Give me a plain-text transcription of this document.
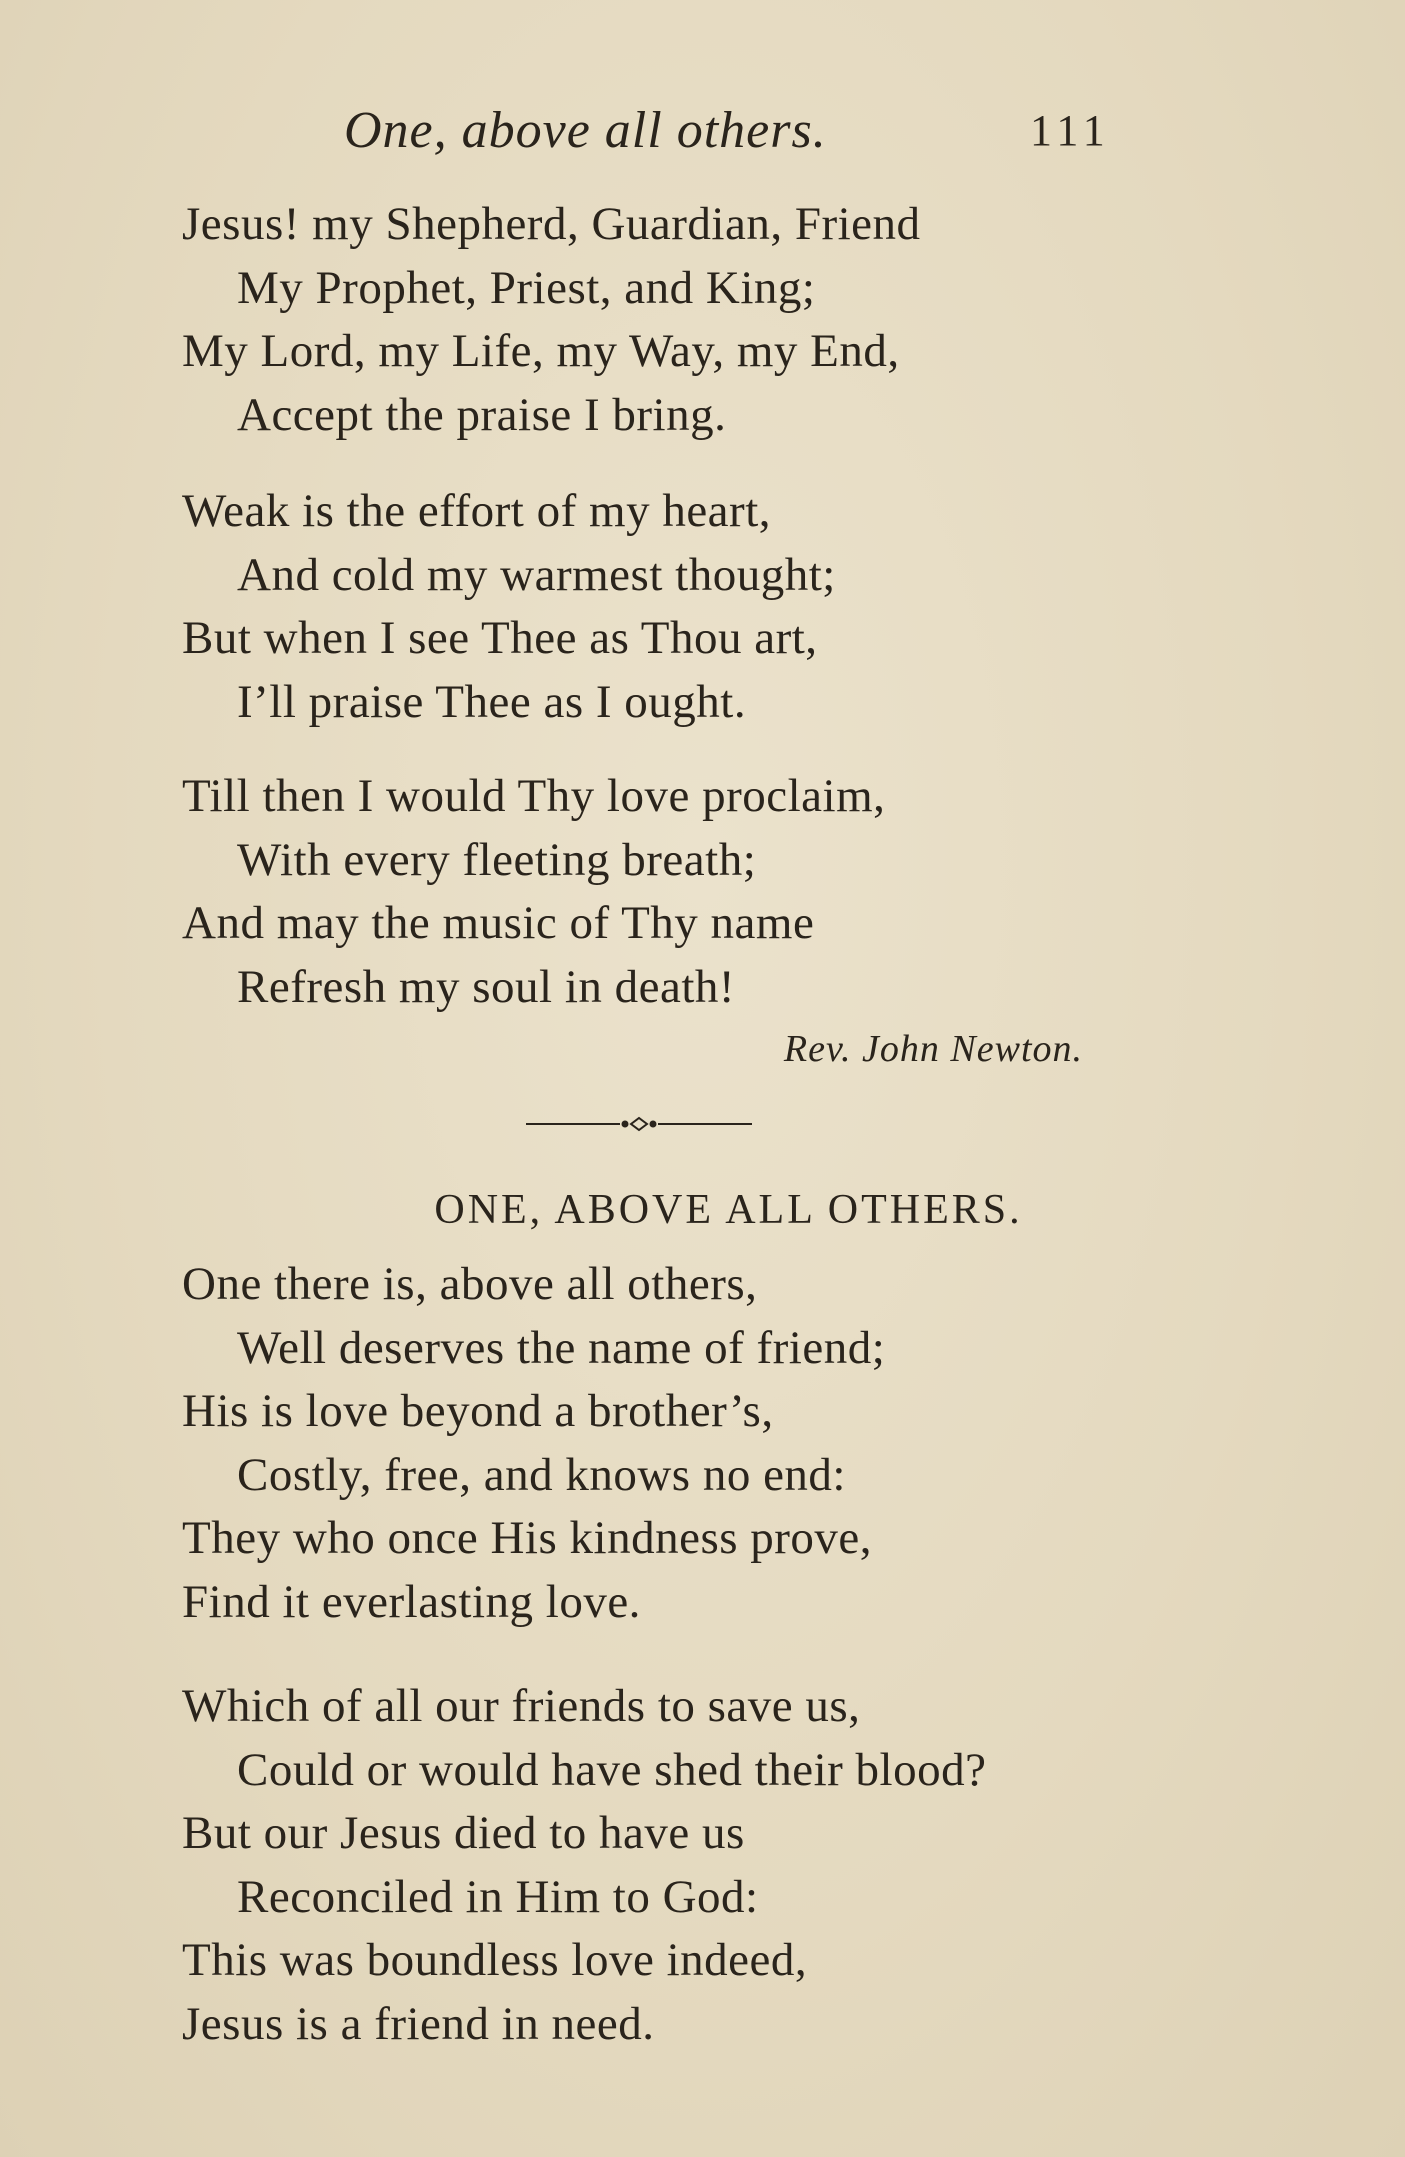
One, above all others.	111
Jesus! my Shepherd, Guardian, Friend
My Prophet, Priest, and King;
My Lord, my Life, my Way, my End,
Accept the praise I bring.
Weak is the effort of my heart,
And cold my warmest thought;
But when I see Thee as Thou art,
I’ll praise Thee as I ought.
Till then I would Thy love proclaim,
With every fleeting breath;
And may the music of Thy name
Refresh my soul in death!
Rev. John Newton.
ONE, ABOVE ALL OTHERS.
One there is, above all others,
Well deserves the name of friend;
His is love beyond a brother’s,
Costly, free, and knows no end:
They who once His kindness prove,
Find it everlasting love.
Which of all our friends to save us,
Could or would have shed their blood?
But our Jesus died to have us
Reconciled in Him to God:
This was boundless love indeed,
Jesus is a friend in need.
